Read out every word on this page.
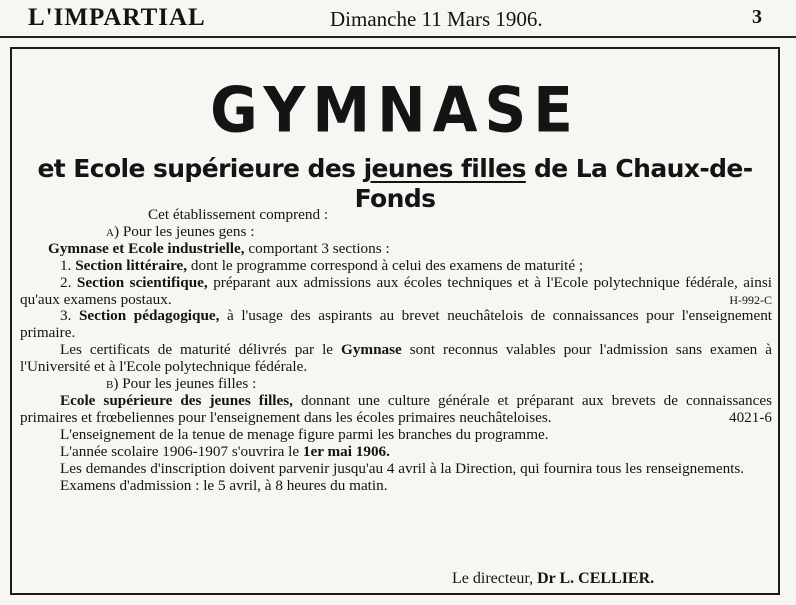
L'IMPARTIAL	Dimanche 11 Mars 1906.	3
GYMNASE
et Ecole supérieure des jeunes filles de La Chaux-de-Fonds

Cet établissement comprend :

a) Pour les jeunes gens :

Gymnase et Ecole industrielle, comportant 3 sections :

1. Section littéraire, dont le programme correspond à celui des examens de maturité ;

2. Section scientifique, préparant aux admissions aux écoles techniques et à l'Ecole polytechnique fédérale, ainsi qu'aux examens postaux.	H-992-C

3. Section pédagogique, à l'usage des aspirants au brevet neuchâtelois de connaissances pour l'enseignement primaire.

Les certificats de maturité délivrés par le Gymnase sont reconnus valables pour l'admission sans examen à l'Université et à l'Ecole polytechnique fédérale.

b) Pour les jeunes filles :

Ecole supérieure des jeunes filles, donnant une culture générale et préparant aux brevets de connaissances primaires et frœbeliennes pour l'enseignement dans les écoles primaires neuchâteloises.	4021-6

L'enseignement de la tenue de menage figure parmi les branches du programme.

L'année scolaire 1906-1907 s'ouvrira le 1er mai 1906.

Les demandes d'inscription doivent parvenir jusqu'au 4 avril à la Direction, qui fournira tous les renseignements.

Examens d'admission : le 5 avril, à 8 heures du matin.

Le directeur, Dr L. CELLIER.
